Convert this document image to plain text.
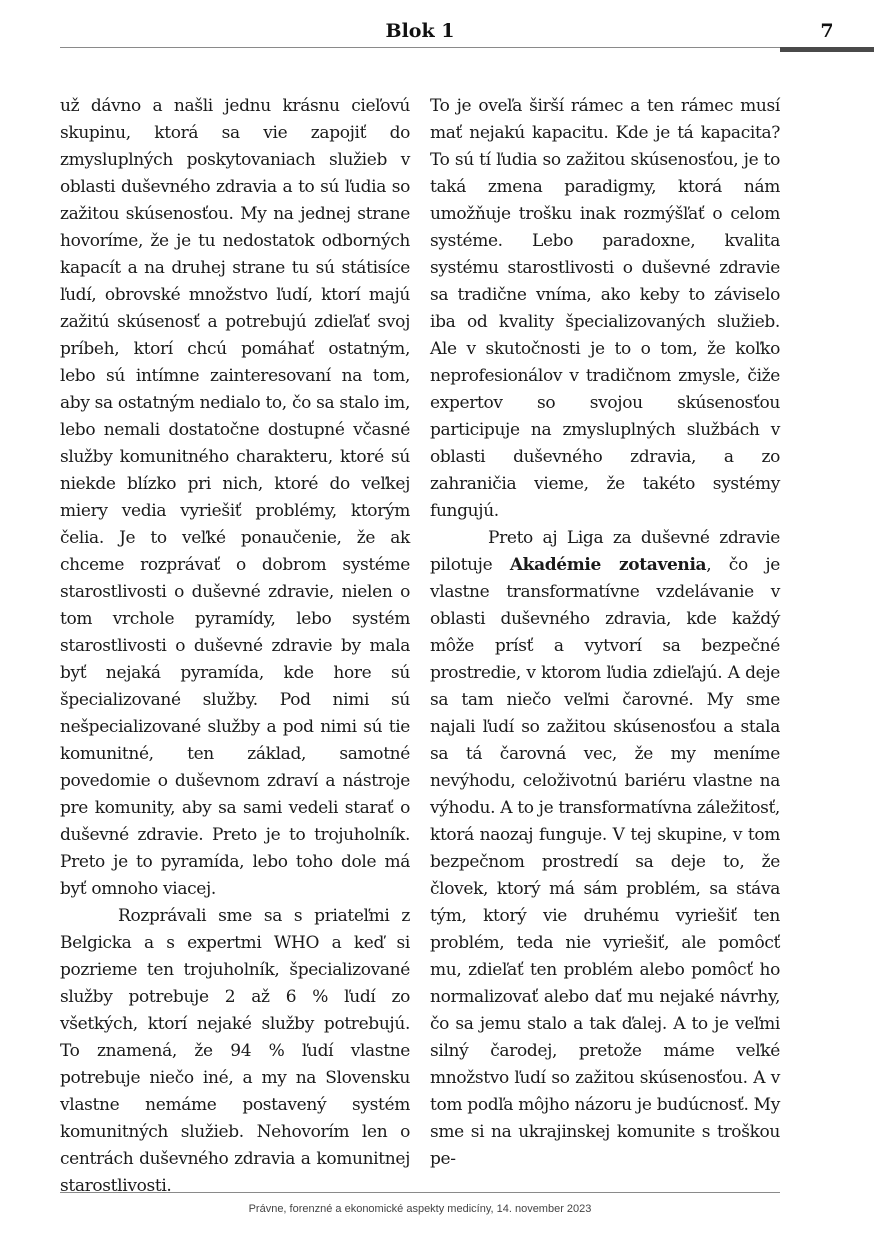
Blok 1	7

už dávno a našli jednu krásnu cieľovú skupinu, ktorá sa vie zapojiť do zmysluplných poskytovaniach služieb v oblasti duševného zdravia a to sú ľudia so zažitou skúsenosťou. My na jednej strane hovoríme, že je tu nedostatok odborných kapacít a na druhej strane tu sú státisíce ľudí, obrovské množstvo ľudí, ktorí majú zažitú skúsenosť a potrebujú zdieľať svoj príbeh, ktorí chcú pomáhať ostatným, lebo sú intímne zainteresovaní na tom, aby sa ostatným nedialo to, čo sa stalo im, lebo nemali dostatočne dostupné včasné služby komunitného charakteru, ktoré sú niekde blízko pri nich, ktoré do veľkej miery vedia vyriešiť problémy, ktorým čelia. Je to veľké ponaučenie, že ak chceme rozprávať o dobrom systéme starostlivosti o duševné zdravie, nielen o tom vrchole pyramídy, lebo systém starostlivosti o duševné zdravie by mala byť nejaká pyramída, kde hore sú špecializované služby. Pod nimi sú nešpecializované služby a pod nimi sú tie komunitné, ten základ, samotné povedomie o duševnom zdraví a nástroje pre komunity, aby sa sami vedeli starať o duševné zdravie. Preto je to trojuholník. Preto je to pyramída, lebo toho dole má byť omnoho viacej.

Rozprávali sme sa s priateľmi z Belgicka a s expertmi WHO a keď si pozrieme ten trojuholník, špecializované služby potrebuje 2 až 6 % ľudí zo všetkých, ktorí nejaké služby potrebujú. To znamená, že 94 % ľudí vlastne potrebuje niečo iné, a my na Slovensku vlastne nemáme postavený systém komunitných služieb. Nehovorím len o centrách duševného zdravia a komunitnej starostlivosti.

To je oveľa širší rámec a ten rámec musí mať nejakú kapacitu. Kde je tá kapacita? To sú tí ľudia so zažitou skúsenosťou, je to taká zmena paradigmy, ktorá nám umožňuje trošku inak rozmýšľať o celom systéme. Lebo paradoxne, kvalita systému starostlivosti o duševné zdravie sa tradične vníma, ako keby to záviselo iba od kvality špecializovaných služieb. Ale v skutočnosti je to o tom, že koľko neprofesionálov v tradičnom zmysle, čiže expertov so svojou skúsenosťou participuje na zmysluplných službách v oblasti duševného zdravia, a zo zahraničia vieme, že takéto systémy fungujú.

Preto aj Liga za duševné zdravie pilotuje Akadémie zotavenia, čo je vlastne transformatívne vzdelávanie v oblasti duševného zdravia, kde každý môže prísť a vytvorí sa bezpečné prostredie, v ktorom ľudia zdieľajú. A deje sa tam niečo veľmi čarovné. My sme najali ľudí so zažitou skúsenosťou a stala sa tá čarovná vec, že my meníme nevýhodu, celoživotnú bariéru vlastne na výhodu. A to je transformatívna záležitosť, ktorá naozaj funguje. V tej skupine, v tom bezpečnom prostredí sa deje to, že človek, ktorý má sám problém, sa stáva tým, ktorý vie druhému vyriešiť ten problém, teda nie vyriešiť, ale pomôcť mu, zdieľať ten problém alebo pomôcť ho normalizovať alebo dať mu nejaké návrhy, čo sa jemu stalo a tak ďalej. A to je veľmi silný čarodej, pretože máme veľké množstvo ľudí so zažitou skúsenosťou. A v tom podľa môjho názoru je budúcnosť. My sme si na ukrajinskej komunite s troškou pe-

Právne, forenzné a ekonomické aspekty medicíny, 14. november 2023
